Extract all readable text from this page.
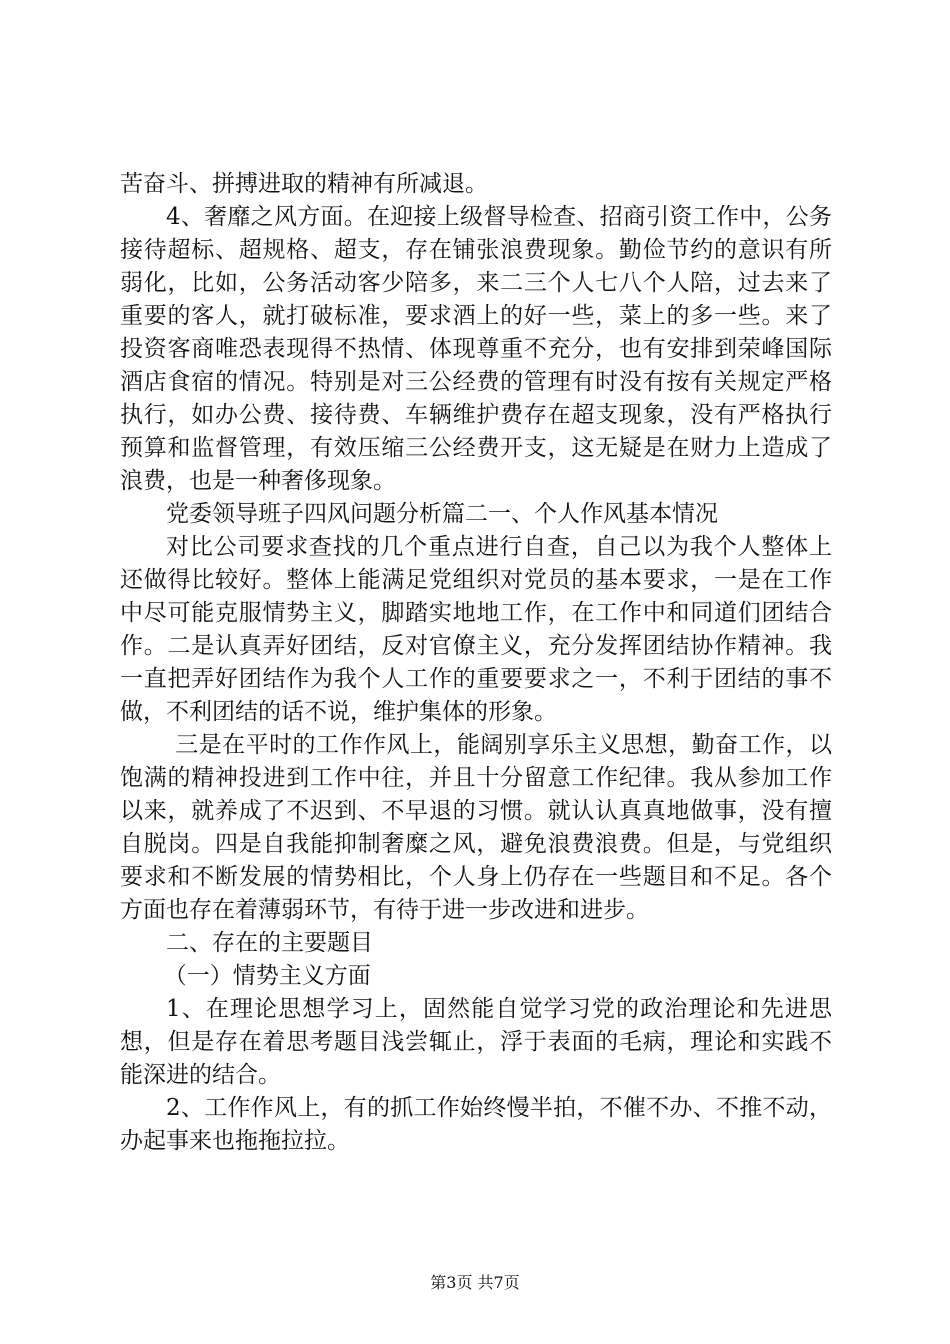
苦奋斗、拼搏进取的精神有所减退。

4、奢靡之风方面。在迎接上级督导检查、招商引资工作中，公务接待超标、超规格、超支，存在铺张浪费现象。勤俭节约的意识有所弱化，比如，公务活动客少陪多，来二三个人七八个人陪，过去来了重要的客人，就打破标准，要求酒上的好一些，菜上的多一些。来了投资客商唯恐表现得不热情、体现尊重不充分，也有安排到荣峰国际酒店食宿的情况。特别是对三公经费的管理有时没有按有关规定严格执行，如办公费、接待费、车辆维护费存在超支现象，没有严格执行预算和监督管理，有效压缩三公经费开支，这无疑是在财力上造成了浪费，也是一种奢侈现象。

党委领导班子四风问题分析篇二一、个人作风基本情况

对比公司要求查找的几个重点进行自查，自己以为我个人整体上还做得比较好。整体上能满足党组织对党员的基本要求，一是在工作中尽可能克服情势主义，脚踏实地地工作，在工作中和同道们团结合作。二是认真弄好团结，反对官僚主义，充分发挥团结协作精神。我一直把弄好团结作为我个人工作的重要要求之一，不利于团结的事不做，不利团结的话不说，维护集体的形象。

三是在平时的工作作风上，能阔别享乐主义思想，勤奋工作，以饱满的精神投进到工作中往，并且十分留意工作纪律。我从参加工作以来，就养成了不迟到、不早退的习惯。就认认真真地做事，没有擅自脱岗。四是自我能抑制奢糜之风，避免浪费浪费。但是，与党组织要求和不断发展的情势相比，个人身上仍存在一些题目和不足。各个方面也存在着薄弱环节，有待于进一步改进和进步。

二、存在的主要题目

（一）情势主义方面

1、在理论思想学习上，固然能自觉学习党的政治理论和先进思想，但是存在着思考题目浅尝辄止，浮于表面的毛病，理论和实践不能深进的结合。

2、工作作风上，有的抓工作始终慢半拍，不催不办、不推不动，办起事来也拖拖拉拉。

第3页 共7页
